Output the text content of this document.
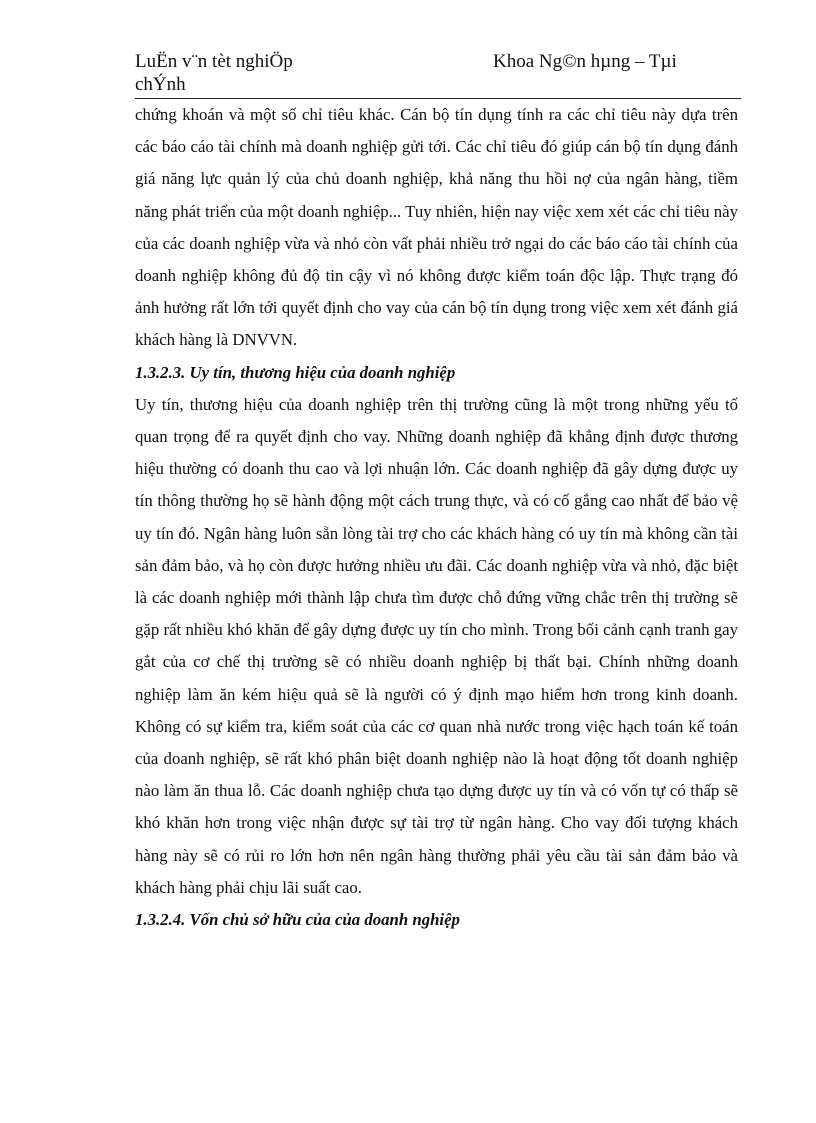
LuËn v¨n tèt nghiÖp
chÝnh
Khoa Ng©n hµng – Tµi

chứng khoán và một số chỉ tiêu khác. Cán bộ tín dụng tính ra các chỉ tiêu này dựa trên các báo cáo tài chính mà doanh nghiệp gửi tới. Các chỉ tiêu đó giúp cán bộ tín dụng đánh giá năng lực quản lý của chủ doanh nghiệp, khả năng thu hồi nợ của ngân hàng, tiềm năng phát triển của một doanh nghiệp... Tuy nhiên, hiện nay việc xem xét các chỉ tiêu này của các doanh nghiệp vừa và nhỏ còn vất phải nhiều trở ngại do các báo cáo tài chính của doanh nghiệp không đủ độ tin cậy vì nó không được kiểm toán độc lập. Thực trạng đó ảnh hưởng rất lớn tới quyết định cho vay của cán bộ tín dụng trong việc xem xét đánh giá khách hàng là DNVVN.

1.3.2.3. Uy tín, thương hiệu của doanh nghiệp

Uy tín, thương hiệu của doanh nghiệp trên thị trường cũng là một trong những yếu tố quan trọng để ra quyết định cho vay. Những doanh nghiệp đã khẳng định được thương hiệu thường có doanh thu cao và lợi nhuận lớn. Các doanh nghiệp đã gây dựng được uy tín thông thường họ sẽ hành động một cách trung thực, và có cố gắng cao nhất để bảo vệ uy tín đó. Ngân hàng luôn sẵn lòng tài trợ cho các khách hàng có uy tín mà không cần tài sản đảm bảo, và họ còn được hưởng nhiều ưu đãi. Các doanh nghiệp vừa và nhỏ, đặc biệt là các doanh nghiệp mới thành lập chưa tìm được chỗ đứng vững chắc trên thị trường sẽ gặp rất nhiều khó khăn để gây dựng được uy tín cho mình. Trong bối cảnh cạnh tranh gay gắt của cơ chế thị trường sẽ có nhiều doanh nghiệp bị thất bại. Chính những doanh nghiệp làm ăn kém hiệu quả sẽ là người có ý định mạo hiểm hơn trong kinh doanh. Không có sự kiểm tra, kiểm soát của các cơ quan nhà nước trong việc hạch toán kế toán của doanh nghiệp, sẽ rất khó phân biệt doanh nghiệp nào là hoạt động tốt doanh nghiệp nào làm ăn thua lỗ. Các doanh nghiệp chưa tạo dựng được uy tín và có vốn tự có thấp sẽ khó khăn hơn trong việc nhận được sự tài trợ từ ngân hàng. Cho vay đối tượng khách hàng này sẽ có rủi ro lớn hơn nên ngân hàng thường phải yêu cầu tài sản đảm bảo và khách hàng phải chịu lãi suất cao.

1.3.2.4. Vốn chủ sở hữu của của doanh nghiệp
